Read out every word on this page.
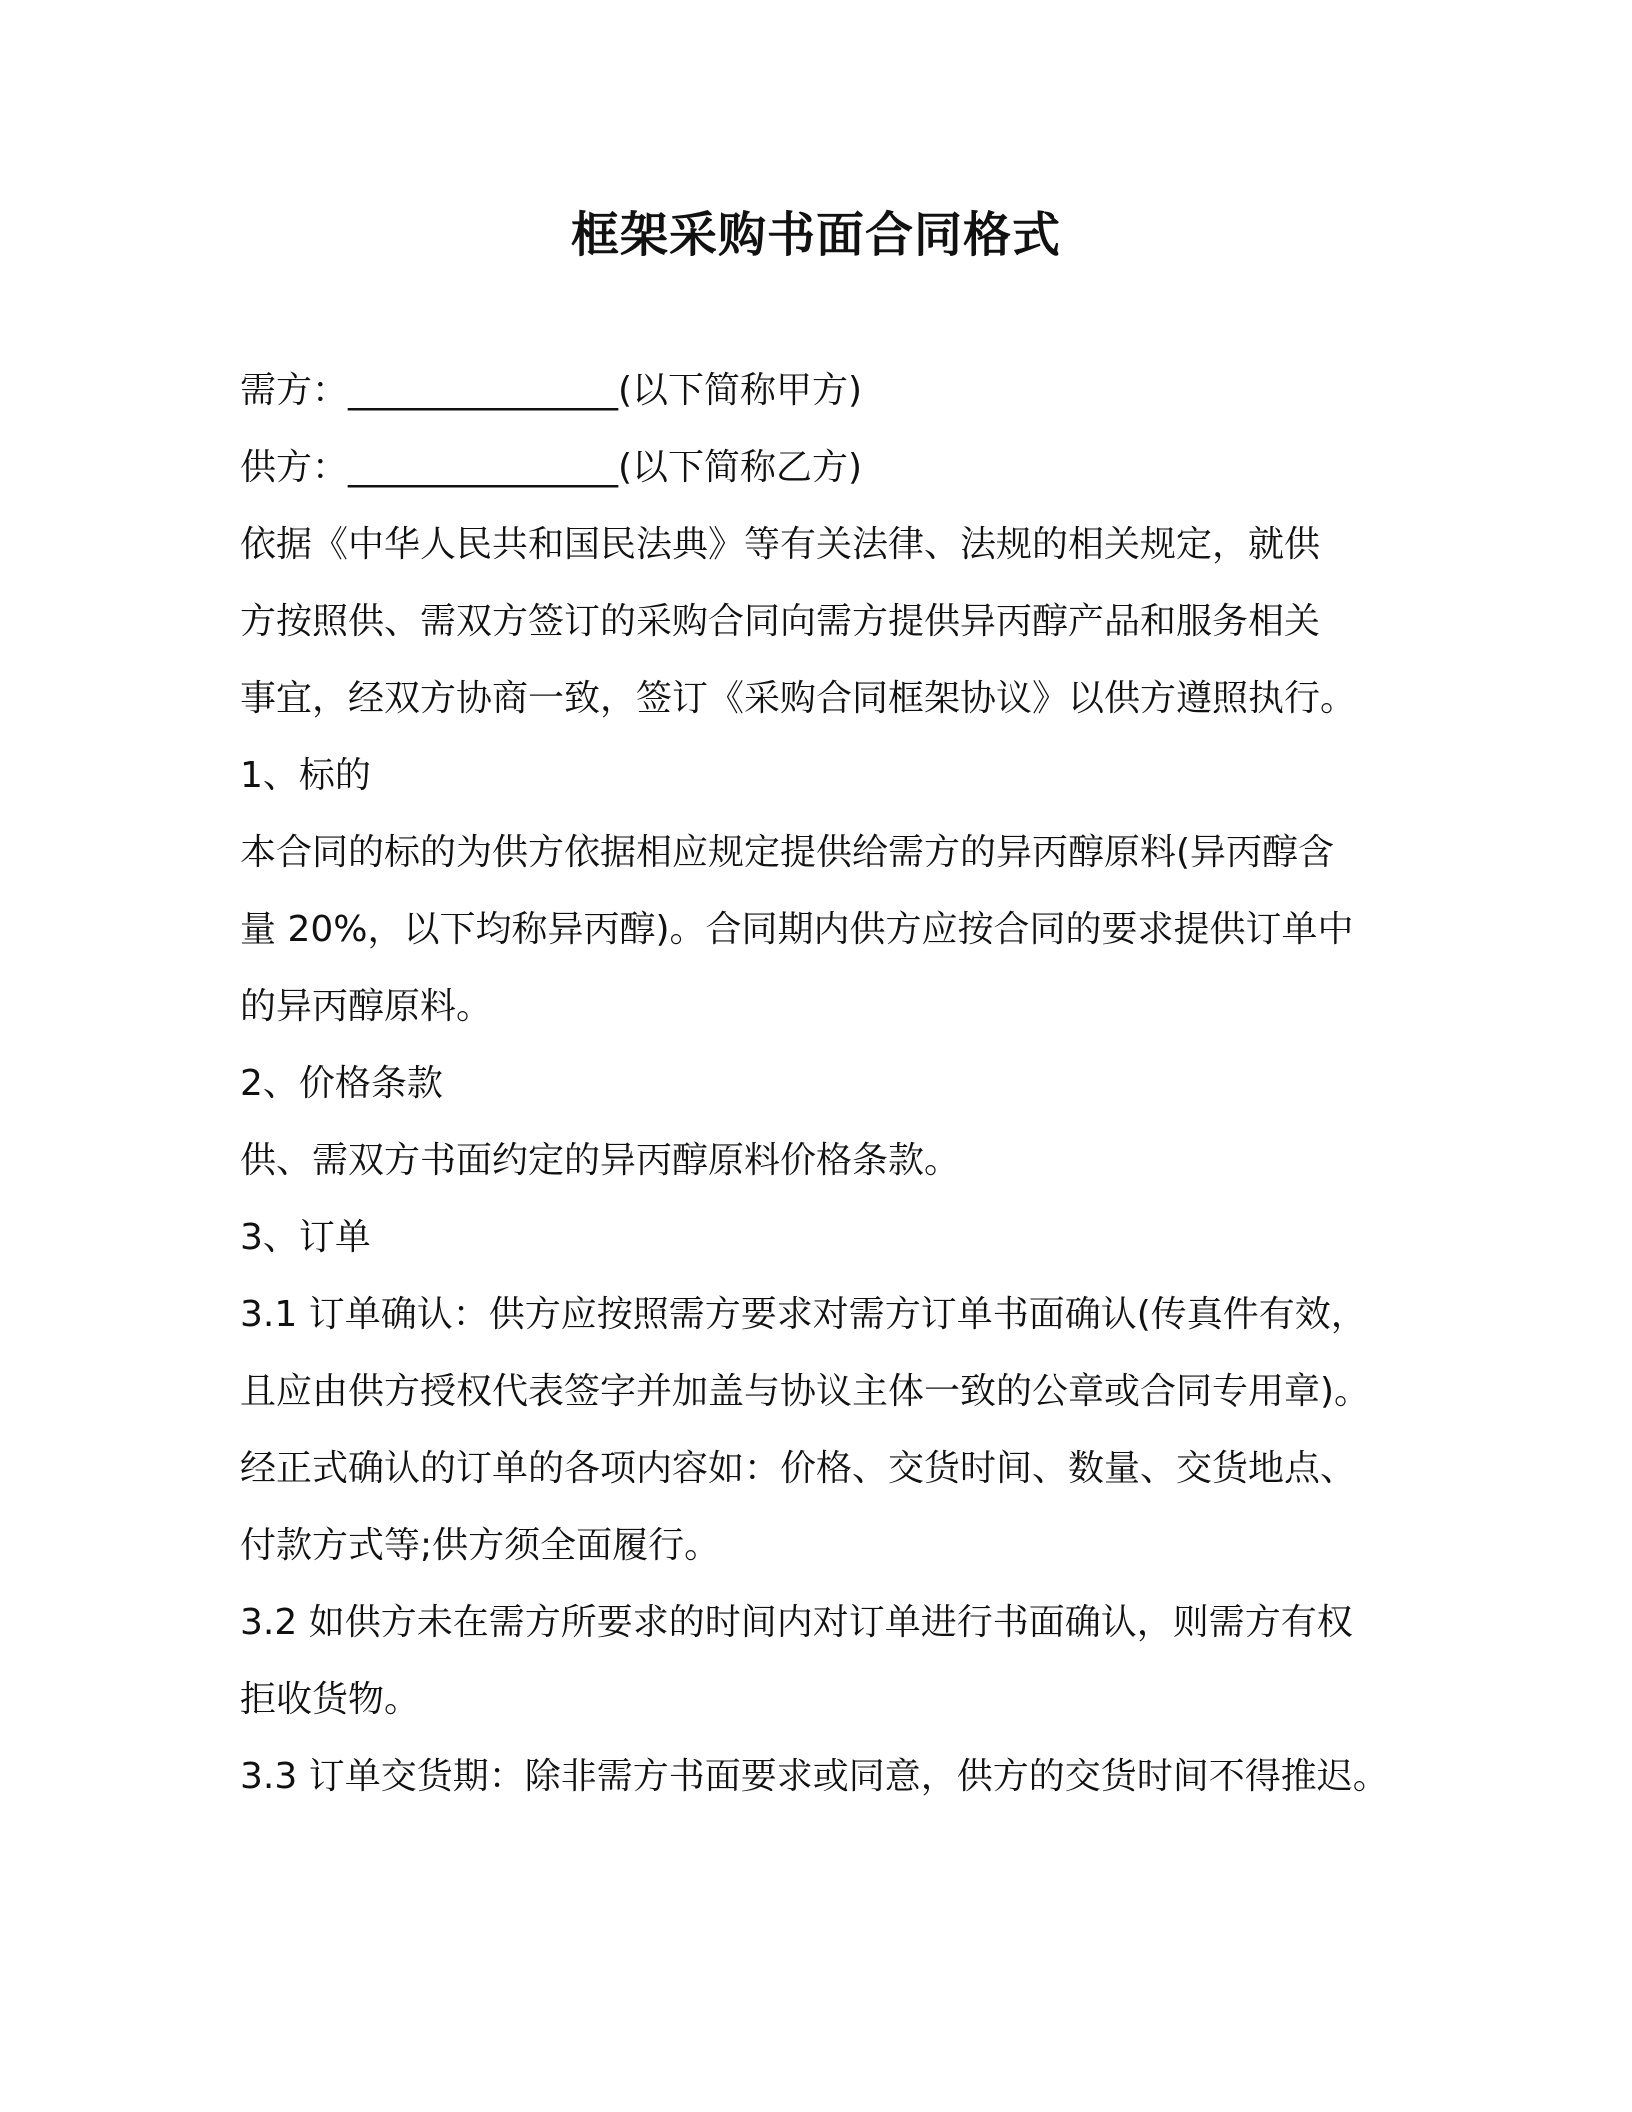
框架采购书面合同格式
需方：_______________(以下简称甲方)
供方：_______________(以下简称乙方)
依据《中华人民共和国民法典》等有关法律、法规的相关规定，就供
方按照供、需双方签订的采购合同向需方提供异丙醇产品和服务相关
事宜，经双方协商一致，签订《采购合同框架协议》以供方遵照执行。
1、标的
本合同的标的为供方依据相应规定提供给需方的异丙醇原料(异丙醇含
量 20%，以下均称异丙醇)。合同期内供方应按合同的要求提供订单中
的异丙醇原料。
2、价格条款
供、需双方书面约定的异丙醇原料价格条款。
3、订单
3.1 订单确认：供方应按照需方要求对需方订单书面确认(传真件有效，
且应由供方授权代表签字并加盖与协议主体一致的公章或合同专用章)。
经正式确认的订单的各项内容如：价格、交货时间、数量、交货地点、
付款方式等;供方须全面履行。
3.2 如供方未在需方所要求的时间内对订单进行书面确认，则需方有权
拒收货物。
3.3 订单交货期：除非需方书面要求或同意，供方的交货时间不得推迟。
